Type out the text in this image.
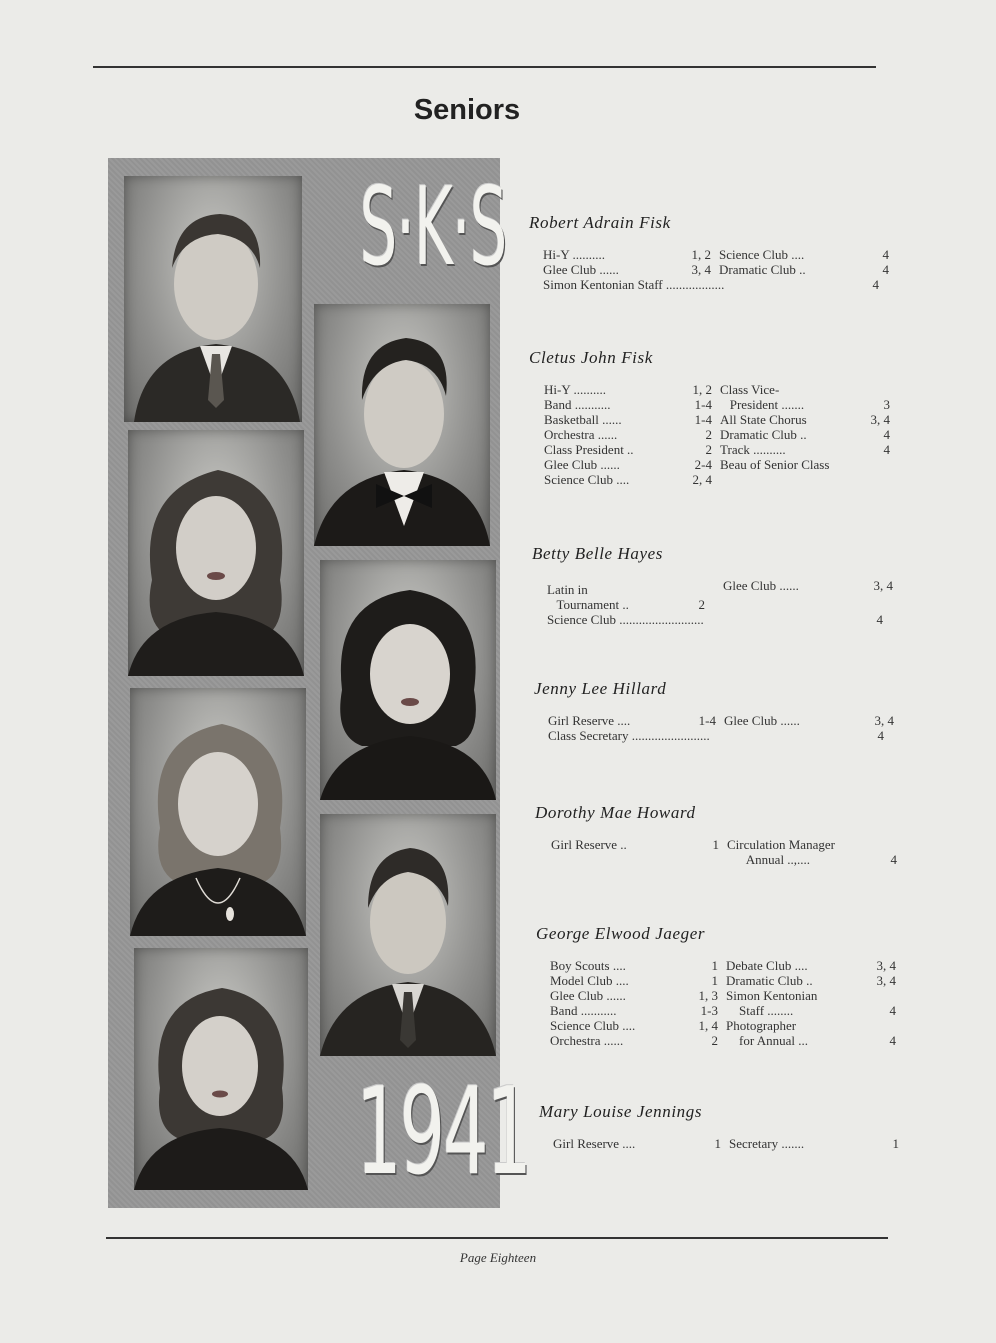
Seniors
S·K·S
1941
Robert Adrain Fisk
Hi-Y ..........	1, 2
Glee Club ......	3, 4
Science Club ....	4
Dramatic Club ..	4
Simon Kentonian Staff ..................	4
Cletus John Fisk
Hi-Y ..........	1, 2
Band ...........	1-4
Basketball ......	1-4
Orchestra ......	2
Class President ..	2
Glee Club ......	2-4
Science Club ....	2, 4
Class Vice-
President .......	3
All State Chorus	3, 4
Dramatic Club ..	4
Track ..........	4
Beau of Senior Class
Betty Belle Hayes
Latin in
Tournament ..	2
Glee Club ......	3, 4
Science Club ..........................	4
Jenny Lee Hillard
Girl Reserve ....	1-4 Glee Club ......	3, 4
Class Secretary ........................	4
Dorothy Mae Howard
Girl Reserve ..	1 Circulation Manager
Annual ..,....	4
George Elwood Jaeger
Boy Scouts ....	1
Model Club ....	1
Glee Club ......	1, 3
Band ...........	1-3
Science Club ....	1, 4
Orchestra ......	2
Debate Club ....	3, 4
Dramatic Club ..	3, 4
Simon Kentonian
Staff ........	4
Photographer
for Annual ...	4
Mary Louise Jennings
Girl Reserve ....	1 Secretary .......	1
Page Eighteen
